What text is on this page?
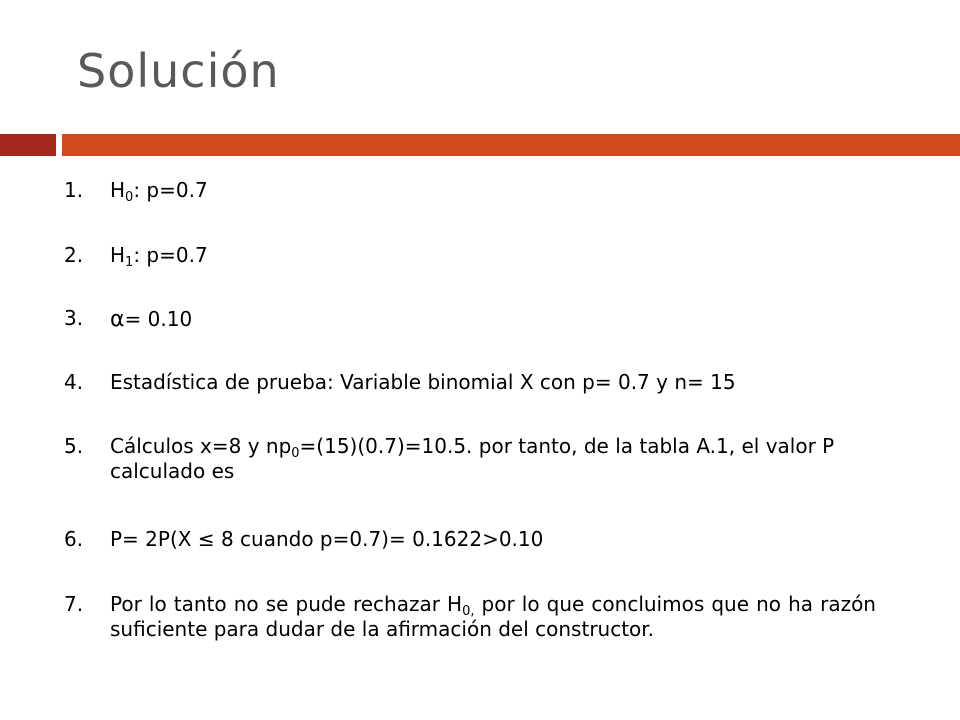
Solución
1.	$H_0$: p=0.7
2.	$H_1$: p=0.7
3.	α= 0.10
4.	Estadística de prueba: Variable binomial X con p= 0.7 y n= 15
5.	Cálculos x=8 y $np_0=(15)(0.7)=10.5$. por tanto, de la tabla A.1, el valor P calculado es
6.	P= 2P(X ≤ 8 cuando p=0.7)= 0.1622>0.10
7.	Por lo tanto no se pude rechazar $H_{0,}$ por lo que concluimos que no ha razón suficiente para dudar de la afirmación del constructor.
